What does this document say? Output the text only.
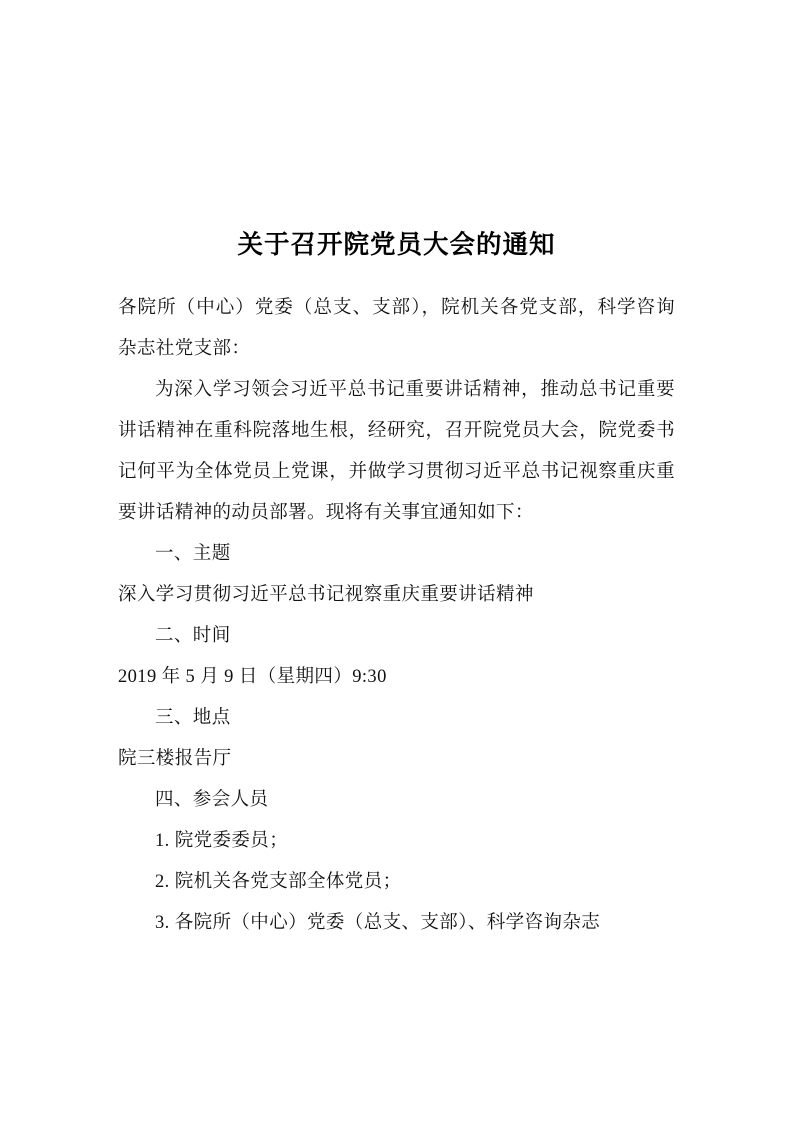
关于召开院党员大会的通知

各院所（中心）党委（总支、支部），院机关各党支部，科学咨询杂志社党支部：

为深入学习领会习近平总书记重要讲话精神，推动总书记重要讲话精神在重科院落地生根，经研究，召开院党员大会，院党委书记何平为全体党员上党课，并做学习贯彻习近平总书记视察重庆重要讲话精神的动员部署。现将有关事宜通知如下：

一、主题

深入学习贯彻习近平总书记视察重庆重要讲话精神

二、时间

2019 年 5 月 9 日（星期四）9:30

三、地点

院三楼报告厅

四、参会人员

1. 院党委委员；

2. 院机关各党支部全体党员；

3. 各院所（中心）党委（总支、支部）、科学咨询杂志
